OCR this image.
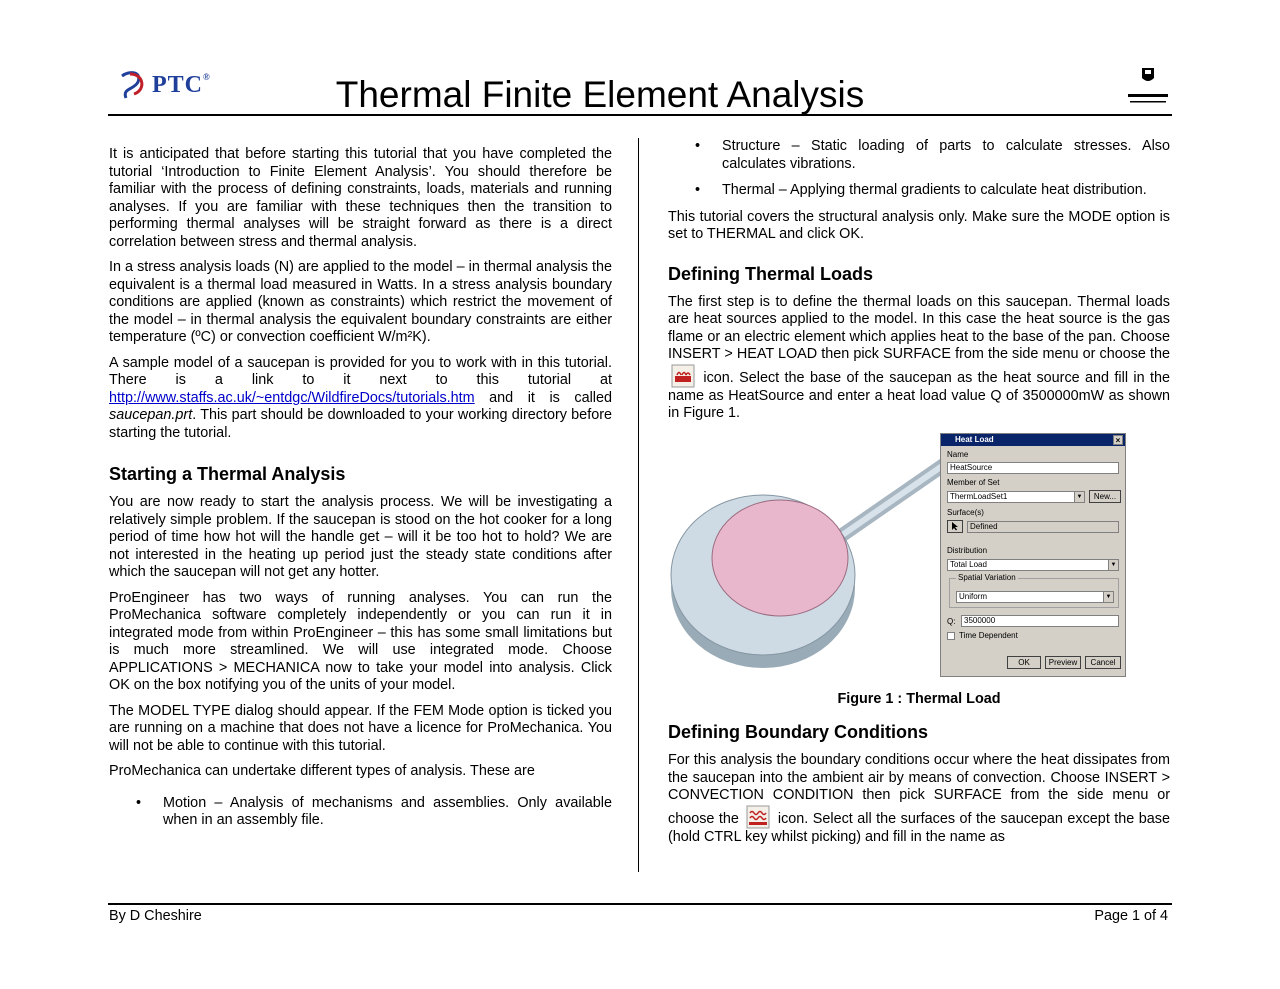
PTC®	Thermal Finite Element Analysis

It is anticipated that before starting this tutorial that you have completed the tutorial ‘Introduction to Finite Element Analysis’. You should therefore be familiar with the process of defining constraints, loads, materials and running analyses. If you are familiar with these techniques then the transition to performing thermal analyses will be straight forward as there is a direct correlation between stress and thermal analysis.

In a stress analysis loads (N) are applied to the model – in thermal analysis the equivalent is a thermal load measured in Watts. In a stress analysis boundary conditions are applied (known as constraints) which restrict the movement of the model – in thermal analysis the equivalent boundary constraints are either temperature (ºC) or convection coefficient W/m²K).

A sample model of a saucepan is provided for you to work with in this tutorial. There is a link to it next to this tutorial at http://www.staffs.ac.uk/~entdgc/WildfireDocs/tutorials.htm and it is called saucepan.prt. This part should be downloaded to your working directory before starting the tutorial.

Starting a Thermal Analysis

You are now ready to start the analysis process. We will be investigating a relatively simple problem. If the saucepan is stood on the hot cooker for a long period of time how hot will the handle get – will it be too hot to hold? We are not interested in the heating up period just the steady state conditions after which the saucepan will not get any hotter.

ProEngineer has two ways of running analyses. You can run the ProMechanica software completely independently or you can run it in integrated mode from within ProEngineer – this has some small limitations but is much more streamlined. We will use integrated mode. Choose APPLICATIONS > MECHANICA now to take your model into analysis. Click OK on the box notifying you of the units of your model.

The MODEL TYPE dialog should appear. If the FEM Mode option is ticked you are running on a machine that does not have a licence for ProMechanica. You will not be able to continue with this tutorial.

ProMechanica can undertake different types of analysis. These are

• Motion – Analysis of mechanisms and assemblies. Only available when in an assembly file.
• Structure – Static loading of parts to calculate stresses. Also calculates vibrations.
• Thermal – Applying thermal gradients to calculate heat distribution.

This tutorial covers the structural analysis only. Make sure the MODE option is set to THERMAL and click OK.

Defining Thermal Loads

The first step is to define the thermal loads on this saucepan. Thermal loads are heat sources applied to the model. In this case the heat source is the gas flame or an electric element which applies heat to the base of the pan. Choose INSERT > HEAT LOAD then pick SURFACE from the side menu or choose the  icon. Select the base of the saucepan as the heat source and fill in the name as HeatSource and enter a heat load value Q of 3500000mW as shown in Figure 1.

Heat Load	×
Name
HeatSource
Member of Set
ThermLoadSet1	▼	New...
Surface(s)
Defined
Distribution
Total Load	▼
Spatial Variation
Uniform	▼
Q:	3500000
Time Dependent
OK	Preview	Cancel
Figure 1 : Thermal Load
Defining Boundary Conditions

For this analysis the boundary conditions occur where the heat dissipates from the saucepan into the ambient air by means of convection. Choose INSERT > CONVECTION CONDITION then pick SURFACE from the side menu or choose the	icon. Select all the surfaces of the saucepan except the base (hold CTRL key whilst picking) and fill in the name as

By D Cheshire	Page 1 of 4
